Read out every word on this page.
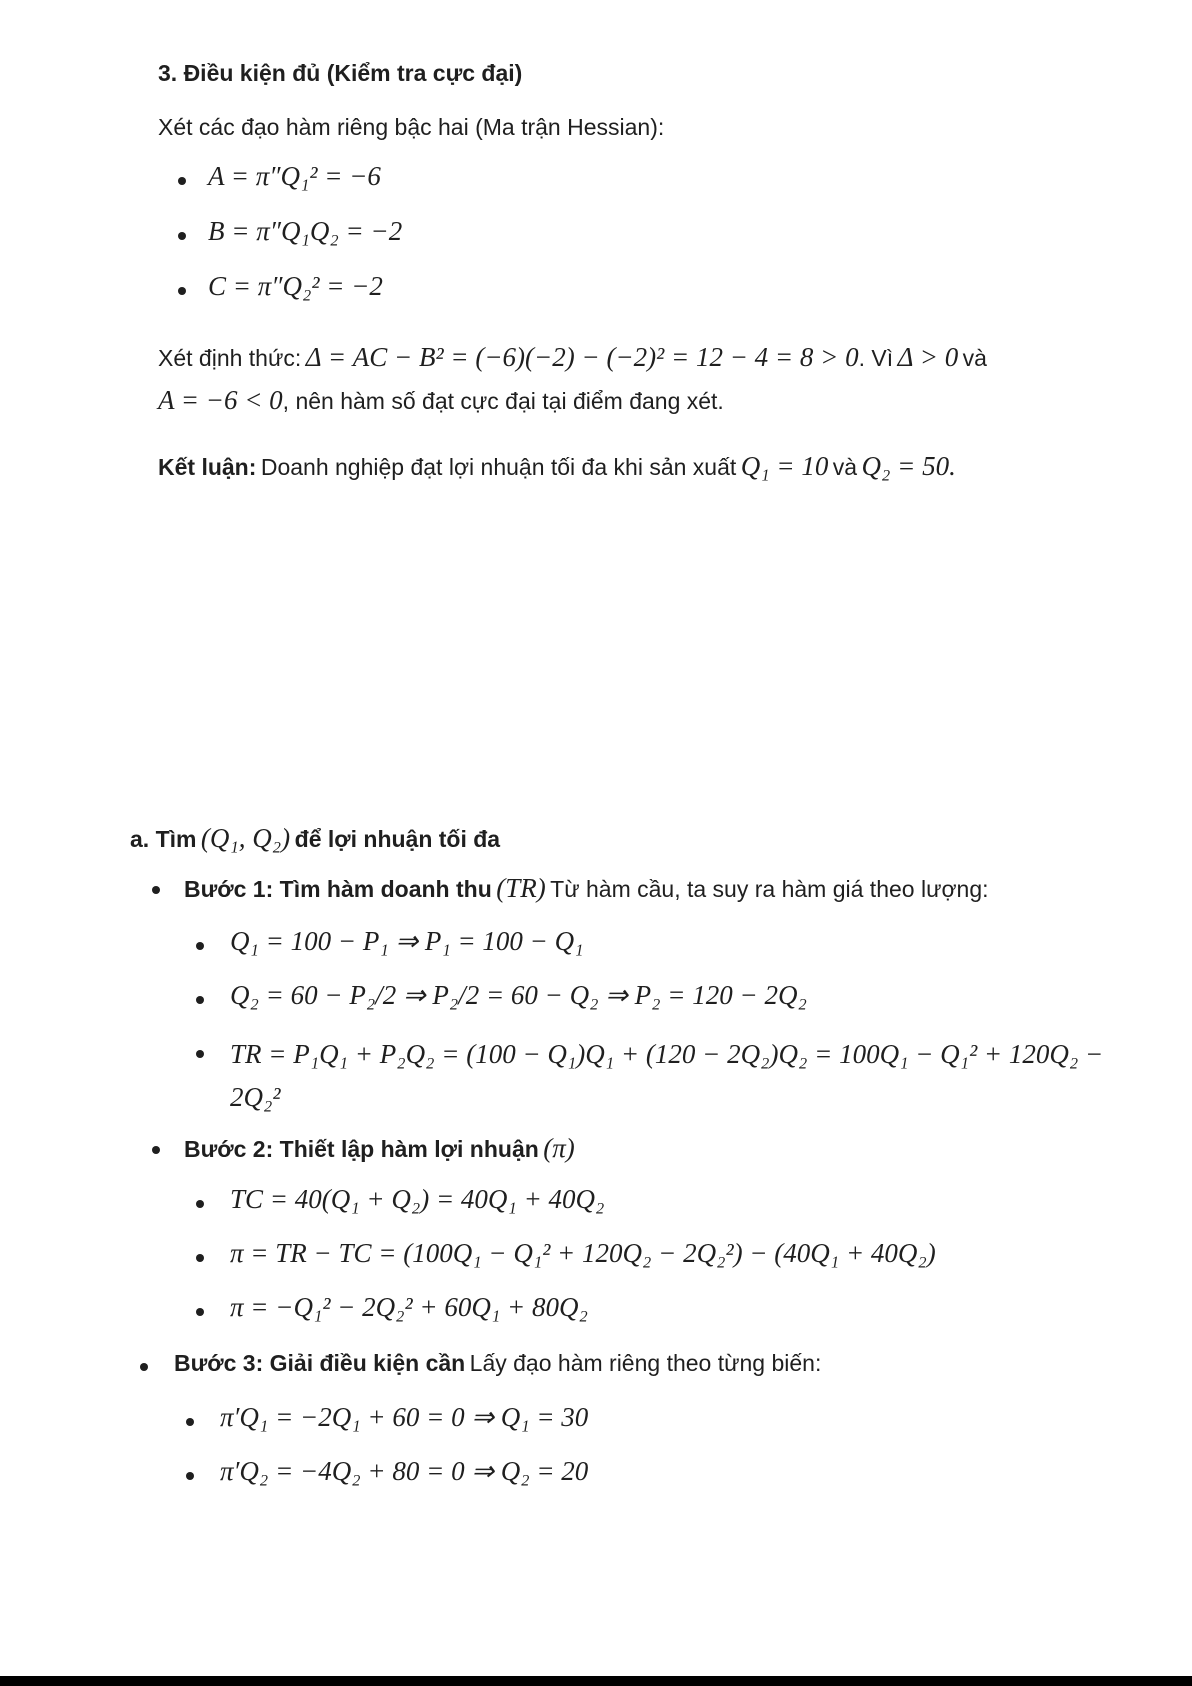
3. Điều kiện đủ (Kiểm tra cực đại)
Xét các đạo hàm riêng bậc hai (Ma trận Hessian):
A = π″Q₁² = −6
B = π″Q₁Q₂ = −2
C = π″Q₂² = −2
Xét định thức: Δ = AC − B² = (−6)(−2) − (−2)² = 12 − 4 = 8 > 0. Vì Δ > 0 và
A = −6 < 0, nên hàm số đạt cực đại tại điểm đang xét.
Kết luận: Doanh nghiệp đạt lợi nhuận tối đa khi sản xuất Q₁ = 10 và Q₂ = 50.
a. Tìm (Q₁, Q₂) để lợi nhuận tối đa
Bước 1: Tìm hàm doanh thu (TR) Từ hàm cầu, ta suy ra hàm giá theo lượng:
Q₁ = 100 − P₁ ⇒ P₁ = 100 − Q₁
Q₂ = 60 − P₂/2 ⇒ P₂/2 = 60 − Q₂ ⇒ P₂ = 120 − 2Q₂
TR = P₁Q₁ + P₂Q₂ = (100 − Q₁)Q₁ + (120 − 2Q₂)Q₂ = 100Q₁ − Q₁² + 120Q₂ − 2Q₂²
Bước 2: Thiết lập hàm lợi nhuận (π)
TC = 40(Q₁ + Q₂) = 40Q₁ + 40Q₂
π = TR − TC = (100Q₁ − Q₁² + 120Q₂ − 2Q₂²) − (40Q₁ + 40Q₂)
π = −Q₁² − 2Q₂² + 60Q₁ + 80Q₂
Bước 3: Giải điều kiện cần Lấy đạo hàm riêng theo từng biến:
π′Q₁ = −2Q₁ + 60 = 0 ⇒ Q₁ = 30
π′Q₂ = −4Q₂ + 80 = 0 ⇒ Q₂ = 20
